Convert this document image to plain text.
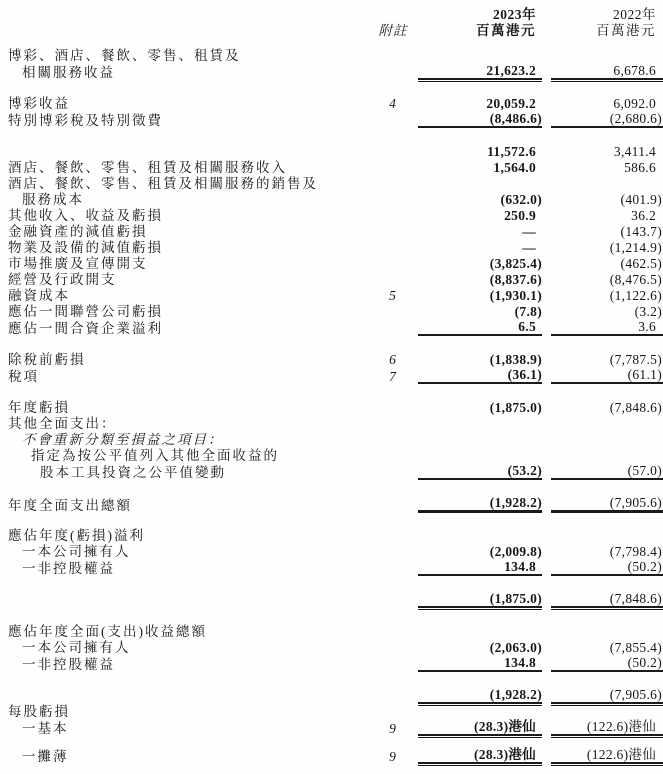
2023年	2022年
附註	百萬港元	百萬港元
博彩、酒店、餐飲、零售、租賃及
相關服務收益	21,623.2	6,678.6
博彩收益	4	20,059.2	6,092.0
特別博彩稅及特別徵費	(8,486.6)	(2,680.6)
11,572.6	3,411.4
酒店、餐飲、零售、租賃及相關服務收入	1,564.0	586.6
酒店、餐飲、零售、租賃及相關服務的銷售及
服務成本	(632.0)	(401.9)
其他收入、收益及虧損	250.9	36.2
金融資產的減值虧損	—	(143.7)
物業及設備的減值虧損	—	(1,214.9)
市場推廣及宣傳開支	(3,825.4)	(462.5)
經營及行政開支	(8,837.6)	(8,476.5)
融資成本	5	(1,930.1)	(1,122.6)
應佔一間聯營公司虧損	(7.8)	(3.2)
應佔一間合資企業溢利	6.5	3.6
除稅前虧損	6	(1,838.9)	(7,787.5)
稅項	7	(36.1)	(61.1)
年度虧損	(1,875.0)	(7,848.6)
其他全面支出：
不會重新分類至損益之項目：
指定為按公平值列入其他全面收益的
股本工具投資之公平值變動	(53.2)	(57.0)
年度全面支出總額	(1,928.2)	(7,905.6)
應佔年度(虧損)溢利
一本公司擁有人	(2,009.8)	(7,798.4)
一非控股權益	134.8	(50.2)
(1,875.0)	(7,848.6)
應佔年度全面(支出)收益總額
一本公司擁有人	(2,063.0)	(7,855.4)
一非控股權益	134.8	(50.2)
(1,928.2)	(7,905.6)
每股虧損
一基本	9	(28.3)港仙	(122.6)港仙
一攤薄	9	(28.3)港仙	(122.6)港仙
